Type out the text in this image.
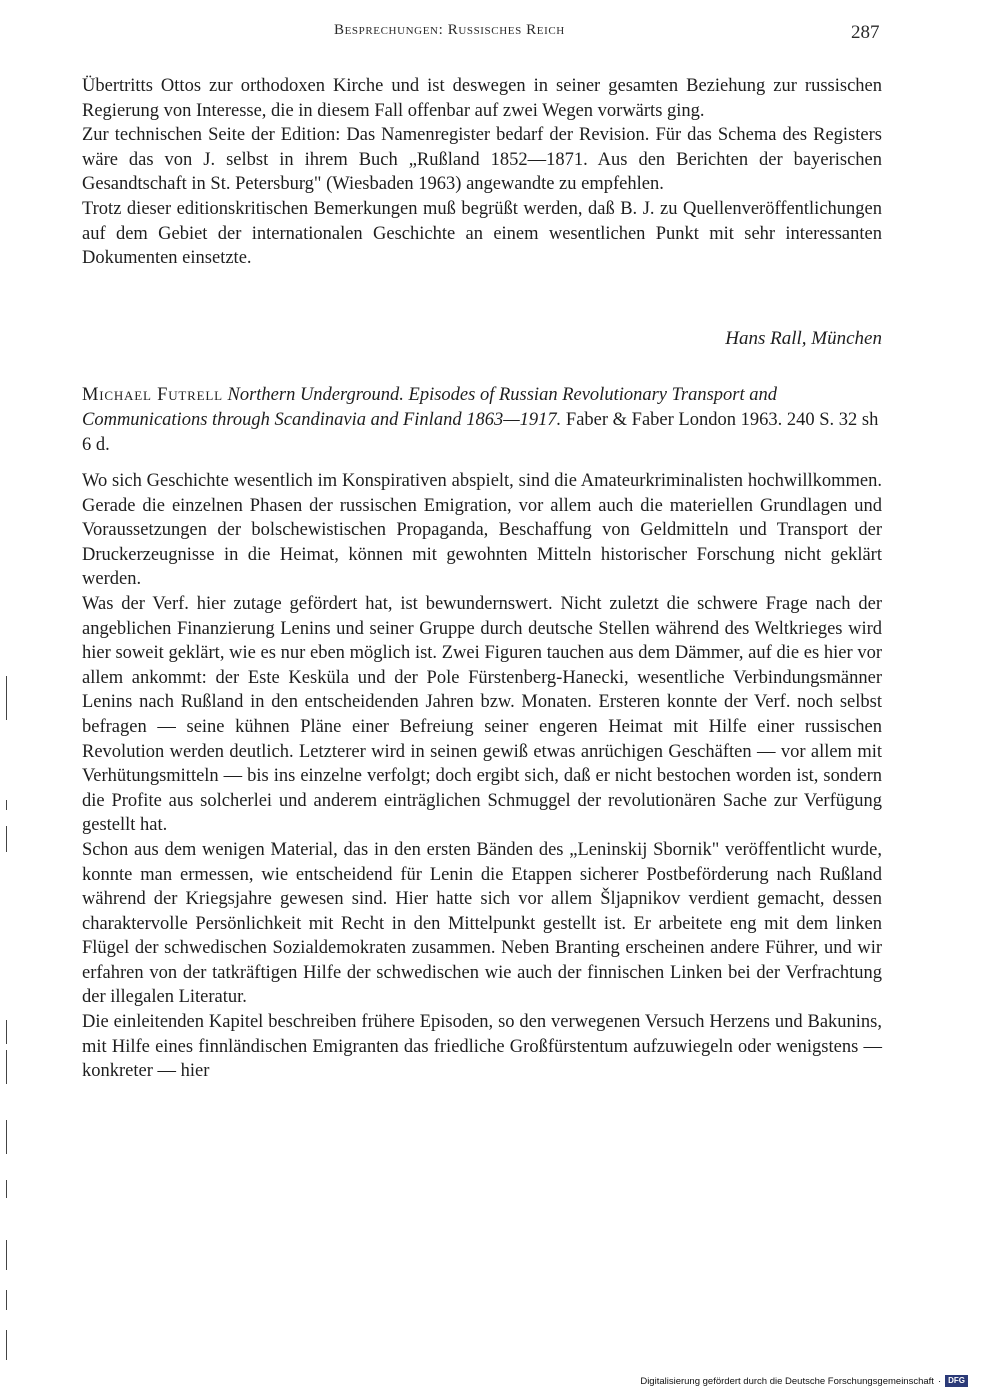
Besprechungen: Russisches Reich	287

Übertritts Ottos zur orthodoxen Kirche und ist deswegen in seiner gesamten Beziehung zur russischen Regierung von Interesse, die in diesem Fall offenbar auf zwei Wegen vorwärts ging.

Zur technischen Seite der Edition: Das Namenregister bedarf der Revision. Für das Schema des Registers wäre das von J. selbst in ihrem Buch „Rußland 1852—1871. Aus den Berichten der bayerischen Gesandtschaft in St. Petersburg" (Wiesbaden 1963) angewandte zu empfehlen.

Trotz dieser editionskritischen Bemerkungen muß begrüßt werden, daß B. J. zu Quellenveröffentlichungen auf dem Gebiet der internationalen Geschichte an einem wesentlichen Punkt mit sehr interessanten Dokumenten einsetzte.

Hans Rall, München
Michael Futrell Northern Underground. Episodes of Russian Revolutionary Transport and Communications through Scandinavia and Finland 1863—1917. Faber & Faber London 1963. 240 S. 32 sh 6 d.

Wo sich Geschichte wesentlich im Konspirativen abspielt, sind die Amateurkriminalisten hochwillkommen. Gerade die einzelnen Phasen der russischen Emigration, vor allem auch die materiellen Grundlagen und Voraussetzungen der bolschewistischen Propaganda, Beschaffung von Geldmitteln und Transport der Druckerzeugnisse in die Heimat, können mit gewohnten Mitteln historischer Forschung nicht geklärt werden.

Was der Verf. hier zutage gefördert hat, ist bewundernswert. Nicht zuletzt die schwere Frage nach der angeblichen Finanzierung Lenins und seiner Gruppe durch deutsche Stellen während des Weltkrieges wird hier soweit geklärt, wie es nur eben möglich ist. Zwei Figuren tauchen aus dem Dämmer, auf die es hier vor allem ankommt: der Este Kesküla und der Pole Fürstenberg-Hanecki, wesentliche Verbindungsmänner Lenins nach Rußland in den entscheidenden Jahren bzw. Monaten. Ersteren konnte der Verf. noch selbst befragen — seine kühnen Pläne einer Befreiung seiner engeren Heimat mit Hilfe einer russischen Revolution werden deutlich. Letzterer wird in seinen gewiß etwas anrüchigen Geschäften — vor allem mit Verhütungsmitteln — bis ins einzelne verfolgt; doch ergibt sich, daß er nicht bestochen worden ist, sondern die Profite aus solcherlei und anderem einträglichen Schmuggel der revolutionären Sache zur Verfügung gestellt hat.

Schon aus dem wenigen Material, das in den ersten Bänden des „Leninskij Sbornik" veröffentlicht wurde, konnte man ermessen, wie entscheidend für Lenin die Etappen sicherer Postbeförderung nach Rußland während der Kriegsjahre gewesen sind. Hier hatte sich vor allem Šljapnikov verdient gemacht, dessen charaktervolle Persönlichkeit mit Recht in den Mittelpunkt gestellt ist. Er arbeitete eng mit dem linken Flügel der schwedischen Sozialdemokraten zusammen. Neben Branting erscheinen andere Führer, und wir erfahren von der tatkräftigen Hilfe der schwedischen wie auch der finnischen Linken bei der Verfrachtung der illegalen Literatur.

Die einleitenden Kapitel beschreiben frühere Episoden, so den verwegenen Versuch Herzens und Bakunins, mit Hilfe eines finnländischen Emigranten das friedliche Großfürstentum aufzuwiegeln oder wenigstens — konkreter — hier

Digitalisierung gefördert durch die Deutsche Forschungsgemeinschaft · DFG
